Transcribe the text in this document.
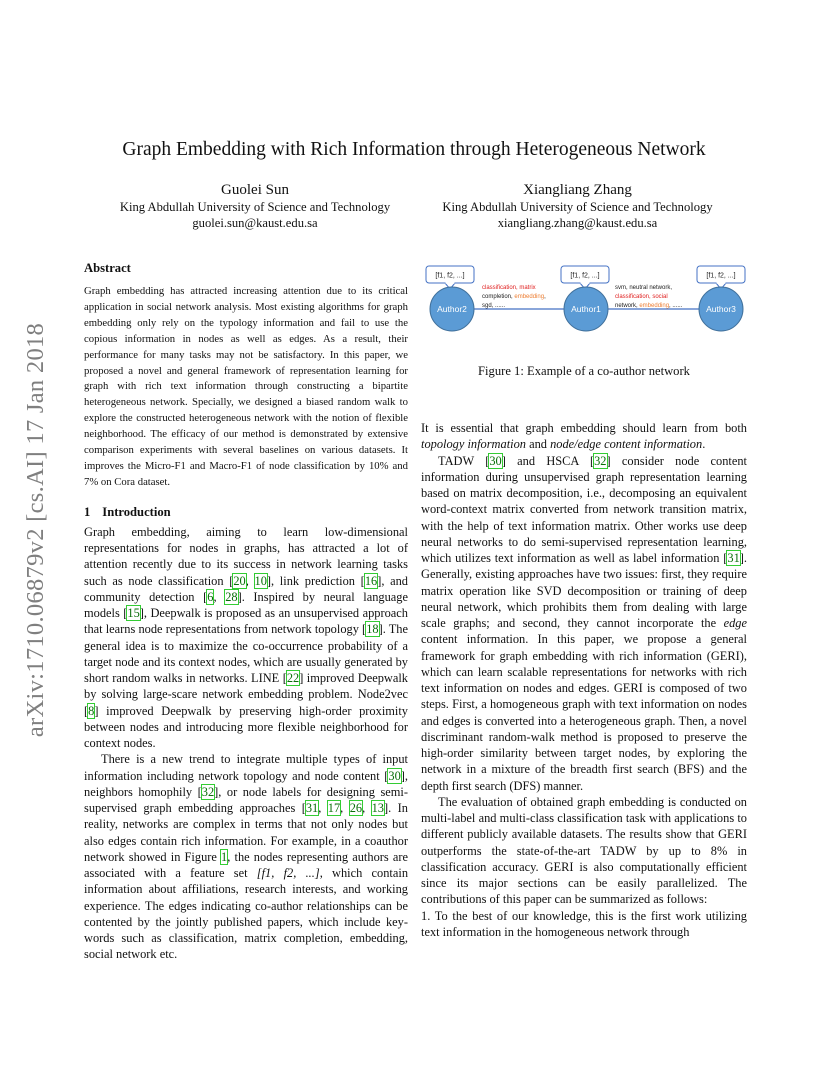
arXiv:1710.06879v2 [cs.AI] 17 Jan 2018
Graph Embedding with Rich Information through Heterogeneous Network
Guolei Sun
King Abdullah University of Science and Technology
guolei.sun@kaust.edu.sa
Xiangliang Zhang
King Abdullah University of Science and Technology
xiangliang.zhang@kaust.edu.sa
Abstract

Graph embedding has attracted increasing attention due to its critical application in social network analysis. Most existing algorithms for graph embedding only rely on the typology information and fail to use the copious information in nodes as well as edges. As a result, their performance for many tasks may not be satisfactory. In this paper, we proposed a novel and general framework of representation learning for graph with rich text information through constructing a bipartite heterogeneous network. Specially, we designed a biased random walk to explore the constructed heterogeneous network with the notion of flexible neighborhood. The efficacy of our method is demonstrated by extensive comparison experiments with several baselines on various datasets. It improves the Micro-F1 and Macro-F1 of node classification by 10% and 7% on Cora dataset.

1 Introduction

Graph embedding, aiming to learn low-dimensional representations for nodes in graphs, has attracted a lot of attention recently due to its success in network learning tasks such as node classification [20, 10], link prediction [16], and community detection [6, 28]. Inspired by neural language models [15], Deepwalk is proposed as an unsupervised approach that learns node representations from network topology [18]. The general idea is to maximize the co-occurrence probability of a target node and its context nodes, which are usually generated by short random walks in networks. LINE [22] improved Deepwalk by solving large-scare network embedding problem. Node2vec [8] improved Deepwalk by preserving high-order proximity between nodes and introducing more flexible neighborhood for context nodes.

There is a new trend to integrate multiple types of input information including network topology and node content [30], neighbors homophily [32], or node labels for designing semi-supervised graph embedding approaches [31, 17, 26, 13]. In reality, networks are complex in terms that not only nodes but also edges contain rich information. For example, in a coauthor network showed in Figure 1, the nodes representing authors are associated with a feature set [f1, f2, ...], which contain information about affiliations, research interests, and working experience. The edges indicating co-author relationships can be contented by the jointly published papers, which include key-words such as classification, matrix completion, embedding, social network etc.

[f1, f2, ...]	[f1, f2, ...]	[f1, f2, ...]
classification, matrix
completion, embedding,
sgd, ......
svm, neutral network,
classification, social
network, embedding, ......
Author2	Author1	Author3

Figure 1: Example of a co-author network

It is essential that graph embedding should learn from both topology information and node/edge content information.

TADW [30] and HSCA [32] consider node content information during unsupervised graph representation learning based on matrix decomposition, i.e., decomposing an equivalent word-context matrix converted from network transition matrix, with the help of text information matrix. Other works use deep neural networks to do semi-supervised representation learning, which utilizes text information as well as label information [31]. Generally, existing approaches have two issues: first, they require matrix operation like SVD decomposition or training of deep neural network, which prohibits them from dealing with large scale graphs; and second, they cannot incorporate the edge content information. In this paper, we propose a general framework for graph embedding with rich information (GERI), which can learn scalable representations for networks with rich text information on nodes and edges. GERI is composed of two steps. First, a homogeneous graph with text information on nodes and edges is converted into a heterogeneous graph. Then, a novel discriminant random-walk method is proposed to preserve the high-order similarity between target nodes, by exploring the network in a mixture of the breadth first search (BFS) and the depth first search (DFS) manner.

The evaluation of obtained graph embedding is conducted on multi-label and multi-class classification task with applications to different publicly available datasets. The results show that GERI outperforms the state-of-the-art TADW by up to 8% in classification accuracy. GERI is also computationally efficient since its major sections can be easily parallelized. The contributions of this paper can be summarized as follows:

1. To the best of our knowledge, this is the first work utilizing text information in the homogeneous network through
